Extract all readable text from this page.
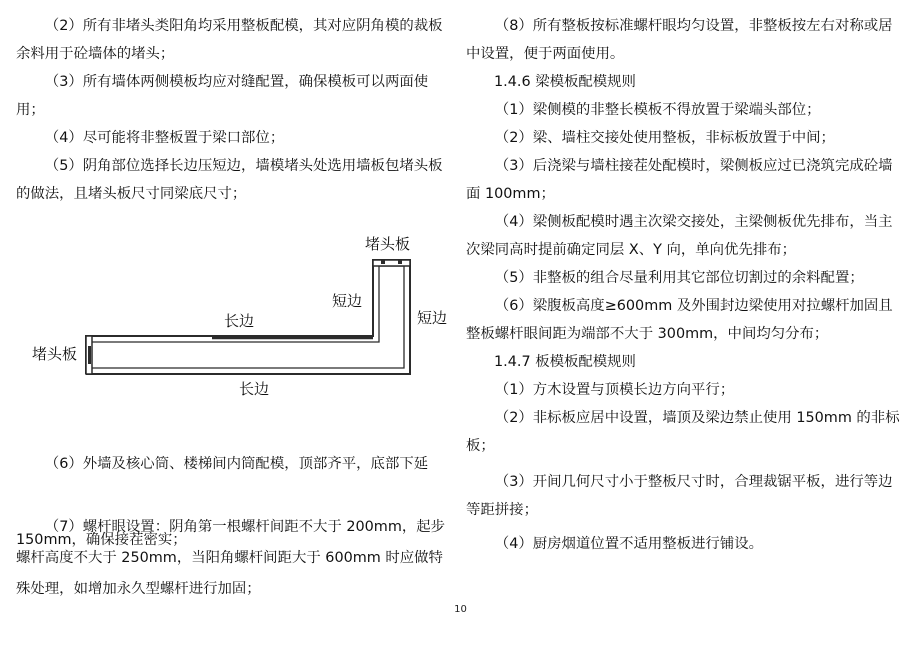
（2）所有非堵头类阳角均采用整板配模，其对应阴角模的裁板余料用于砼墙体的堵头；

（3）所有墙体两侧模板均应对缝配置，确保模板可以两面使用；

（4）尽可能将非整板置于梁口部位；

（5）阴角部位选择长边压短边，墙模堵头处选用墙板包堵头板的做法，且堵头板尺寸同梁底尺寸；

堵头板
堵头板
长边
长边
短边
短边

（6）外墙及核心筒、楼梯间内筒配模，顶部齐平，底部下延

150mm，确保接茬密实；

（7）螺杆眼设置：阴角第一根螺杆间距不大于 200mm，起步螺杆高度不大于 250mm，当阳角螺杆间距大于 600mm 时应做特殊处理，如增加永久型螺杆进行加固；

（8）所有整板按标准螺杆眼均匀设置，非整板按左右对称或居中设置，便于两面使用。

1.4.6 梁模板配模规则

（1）梁侧模的非整长模板不得放置于梁端头部位；

（2）梁、墙柱交接处使用整板，非标板放置于中间；

（3）后浇梁与墙柱接茬处配模时，梁侧板应过已浇筑完成砼墙面 100mm；

（4）梁侧板配模时遇主次梁交接处，主梁侧板优先排布，当主次梁同高时提前确定同层 X、Y 向，单向优先排布；

（5）非整板的组合尽量利用其它部位切割过的余料配置；

（6）梁腹板高度≥600mm 及外围封边梁使用对拉螺杆加固且整板螺杆眼间距为端部不大于 300mm，中间均匀分布；

1.4.7 板模板配模规则

（1）方木设置与顶模长边方向平行；

（2）非标板应居中设置，墙顶及梁边禁止使用 150mm 的非标板；

（3）开间几何尺寸小于整板尺寸时，合理裁锯平板，进行等边等距拼接；

（4）厨房烟道位置不适用整板进行铺设。

10
